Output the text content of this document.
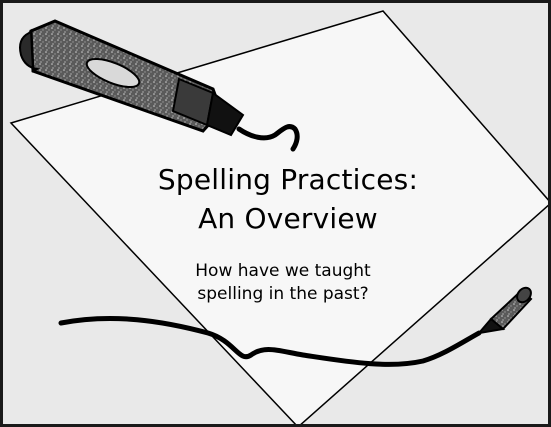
Spelling Practices:
An Overview
How have we taught
spelling in the past?
